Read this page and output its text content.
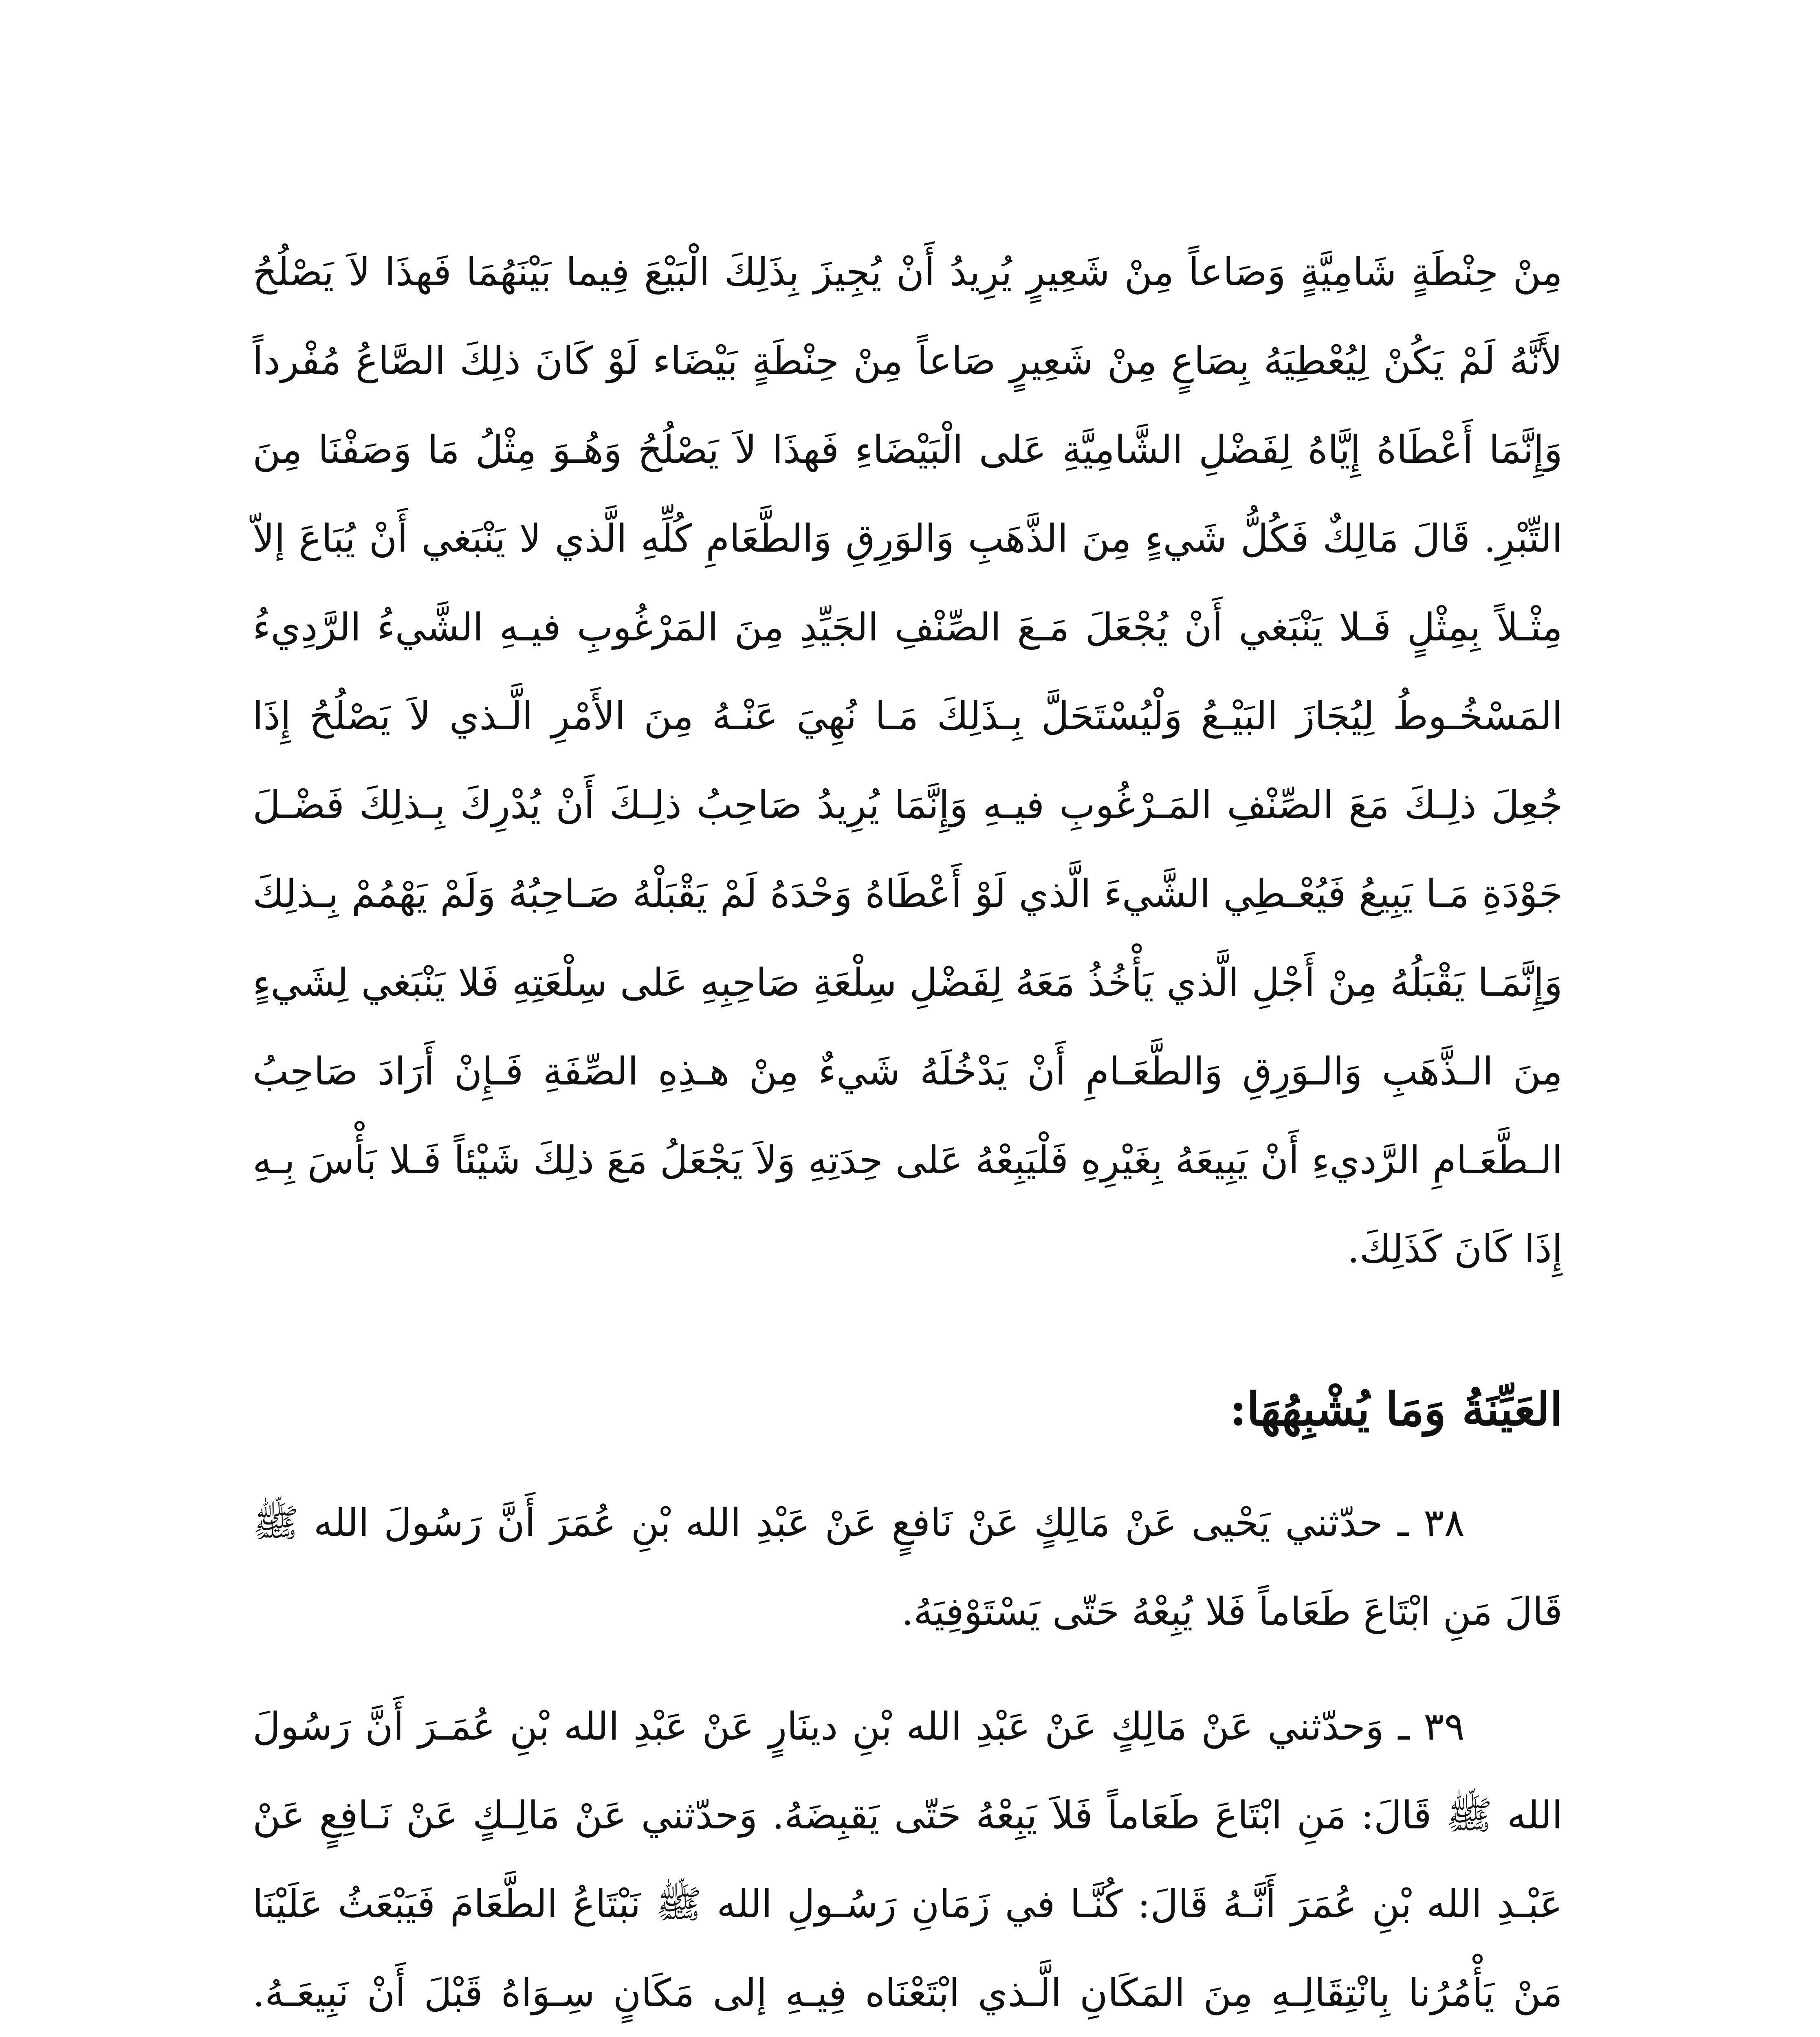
مِنْ حِنْطَةٍ شَامِيَّةٍ وَصَاعاً مِنْ شَعِيرٍ يُرِيدُ أَنْ يُجِيزَ بِذَلِكَ الْبَيْعَ فِيما بَيْنَهُمَا فَهذَا لاَ يَصْلُحُ لأَنَّهُ لَمْ يَكُنْ لِيُعْطِيَهُ بِصَاعٍ مِنْ شَعِيرٍ صَاعاً مِنْ حِنْطَةٍ بَيْضَاء لَوْ كَانَ ذلِكَ الصَّاعُ مُفْرداً وَإِنَّمَا أَعْطَاهُ إِيَّاهُ لِفَضْلِ الشَّامِيَّةِ عَلى الْبَيْضَاءِ فَهذَا لاَ يَصْلُحُ وَهُـوَ مِثْلُ مَا وَصَفْنَا مِنَ التِّبْرِ. قَالَ مَالِكٌ فَكُلُّ شَيءٍ مِنَ الذَّهَبِ وَالوَرِقِ وَالطَّعَامِ كُلِّهِ الَّذي لا يَنْبَغي أَنْ يُبَاعَ إلاّ مِثْـلاً بِمِثْلٍ فَـلا يَنْبَغي أَنْ يُجْعَلَ مَـعَ الصِّنْفِ الجَيِّدِ مِنَ المَرْغُوبِ فيـهِ الشَّيءُ الرَّدِيءُ المَسْخُـوطُ لِيُجَازَ البَيْـعُ وَلْيُسْتَحَلَّ بِـذَلِكَ مَـا نُهِيَ عَنْـهُ مِنَ الأَمْرِ الَّـذي لاَ يَصْلُحُ إِذَا جُعِلَ ذلِـكَ مَعَ الصِّنْفِ المَـرْغُوبِ فيـهِ وَإِنَّمَا يُرِيدُ صَاحِبُ ذلِـكَ أَنْ يُدْرِكَ بِـذلِكَ فَضْـلَ جَوْدَةِ مَـا يَبِيعُ فَيُعْـطِي الشَّيءَ الَّذي لَوْ أَعْطَاهُ وَحْدَهُ لَمْ يَقْبَلْهُ صَـاحِبُهُ وَلَمْ يَهْمُمْ بِـذلِكَ وَإِنَّمَـا يَقْبَلُهُ مِنْ أَجْلِ الَّذي يَأْخُذُ مَعَهُ لِفَضْلِ سِلْعَةِ صَاحِبِهِ عَلى سِلْعَتِهِ فَلا يَنْبَغي لِشَيءٍ مِنَ الـذَّهَبِ وَالـوَرِقِ وَالطَّعَـامِ أَنْ يَدْخُلَهُ شَيءٌ مِنْ هـذِهِ الصِّفَةِ فَـإِنْ أَرَادَ صَاحِبُ الـطَّعَـامِ الرَّديءِ أَنْ يَبِيعَهُ بِغَيْرِهِ فَلْيَبِعْهُ عَلى حِدَتِهِ وَلاَ يَجْعَلُ مَعَ ذلِكَ شَيْئاً فَـلا بَأْسَ بِـهِ إِذَا كَانَ كَذَلِكَ.

العَيِّنَةُ وَمَا يُشْبِهُهَا:

٣٨ ـ حدّثني يَحْيى عَنْ مَالِكٍ عَنْ نَافعٍ عَنْ عَبْدِ الله بْنِ عُمَرَ أَنَّ رَسُولَ الله ﷺ قَالَ مَنِ ابْتَاعَ طَعَاماً فَلا يُبِعْهُ حَتّى يَسْتَوْفِيَهُ.

٣٩ ـ وَحدّثني عَنْ مَالِكٍ عَنْ عَبْدِ الله بْنِ دينَارٍ عَنْ عَبْدِ الله بْنِ عُمَـرَ أَنَّ رَسُولَ الله ﷺ قَالَ: مَنِ ابْتَاعَ طَعَاماً فَلاَ يَبِعْهُ حَتّى يَقبِضَهُ. وَحدّثني عَنْ مَالِـكٍ عَنْ نَـافِعٍ عَنْ عَبْـدِ الله بْنِ عُمَرَ أَنَّـهُ قَالَ: كُنَّـا في زَمَانِ رَسُـولِ الله ﷺ نَبْتَاعُ الطَّعَامَ فَيَبْعَثُ عَلَيْنَا مَنْ يَأْمُرُنا بِانْتِقَالِـهِ مِنَ المَكَانِ الَّـذي ابْتَعْنَاه فِيـهِ إلى مَكَانٍ سِـوَاهُ قَبْلَ أَنْ نَبِيعَـهُ.
